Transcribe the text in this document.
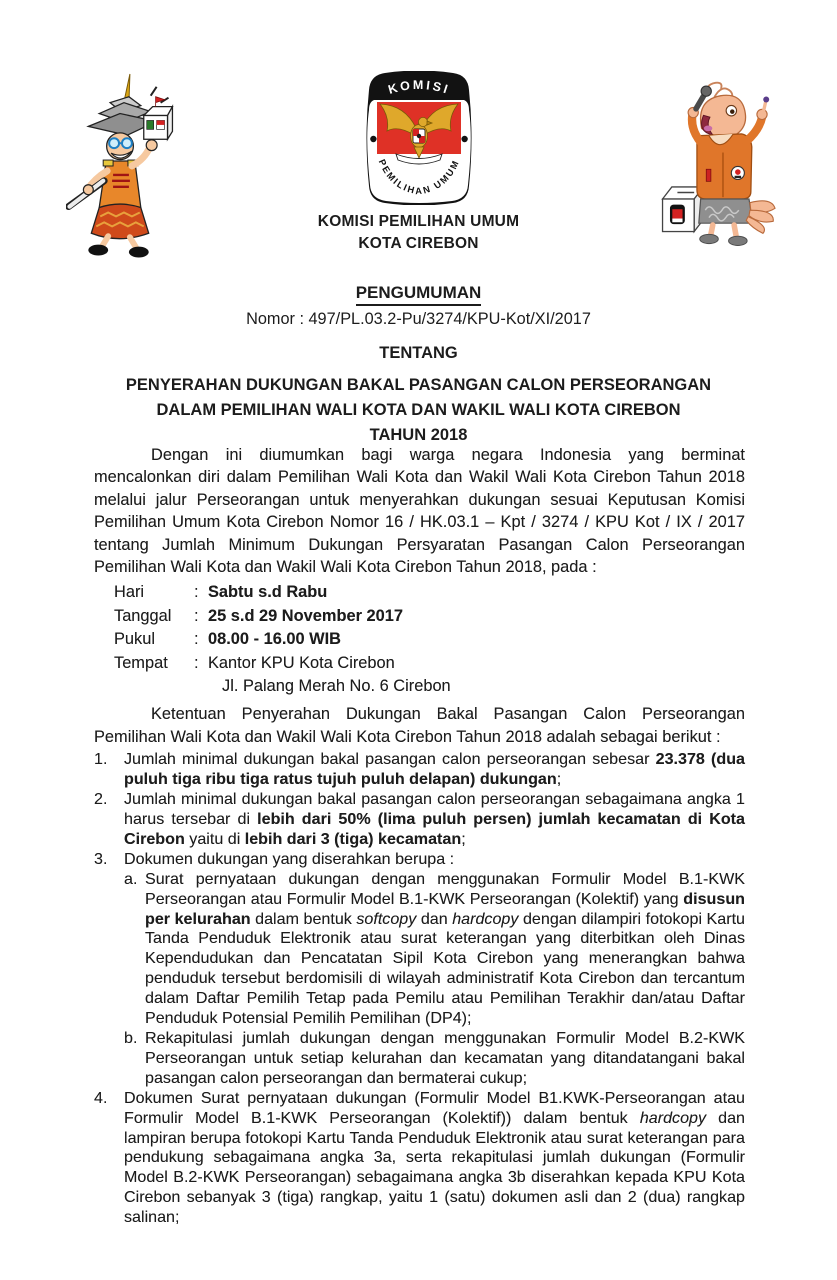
KOMISI
PEMILIHAN UMUM
KOMISI PEMILIHAN UMUM
KOTA CIREBON
PENGUMUMAN
Nomor : 497/PL.03.2-Pu/3274/KPU-Kot/XI/2017
TENTANG
PENYERAHAN DUKUNGAN BAKAL PASANGAN CALON PERSEORANGAN
DALAM PEMILIHAN WALI KOTA DAN WAKIL WALI KOTA CIREBON
TAHUN 2018

Dengan ini diumumkan bagi warga negara Indonesia yang berminat mencalonkan diri dalam Pemilihan Wali Kota dan Wakil Wali Kota Cirebon Tahun 2018 melalui jalur Perseorangan untuk menyerahkan dukungan sesuai Keputusan Komisi Pemilihan Umum Kota Cirebon Nomor 16 / HK.03.1 – Kpt / 3274 / KPU Kot / IX / 2017 tentang Jumlah Minimum Dukungan Persyaratan Pasangan Calon Perseorangan Pemilihan Wali Kota dan Wakil Wali Kota Cirebon Tahun 2018, pada :

Hari	: Sabtu s.d Rabu
Tanggal	: 25 s.d 29 November 2017
Pukul	: 08.00 - 16.00 WIB
Tempat	: Kantor KPU Kota Cirebon
Jl. Palang Merah No. 6 Cirebon

Ketentuan Penyerahan Dukungan Bakal Pasangan Calon Perseorangan Pemilihan Wali Kota dan Wakil Wali Kota Cirebon Tahun 2018 adalah sebagai berikut :

1.	Jumlah minimal dukungan bakal pasangan calon perseorangan sebesar 23.378 (dua puluh tiga ribu tiga ratus tujuh puluh delapan) dukungan;
2.	Jumlah minimal dukungan bakal pasangan calon perseorangan sebagaimana angka 1 harus tersebar di lebih dari 50% (lima puluh persen) jumlah kecamatan di Kota Cirebon yaitu di lebih dari 3 (tiga) kecamatan;
3.	Dokumen dukungan yang diserahkan berupa :
a. Surat pernyataan dukungan dengan menggunakan Formulir Model B.1-KWK Perseorangan atau Formulir Model B.1-KWK Perseorangan (Kolektif) yang disusun per kelurahan dalam bentuk softcopy dan hardcopy dengan dilampiri fotokopi Kartu Tanda Penduduk Elektronik atau surat keterangan yang diterbitkan oleh Dinas Kependudukan dan Pencatatan Sipil Kota Cirebon yang menerangkan bahwa penduduk tersebut berdomisili di wilayah administratif Kota Cirebon dan tercantum dalam Daftar Pemilih Tetap pada Pemilu atau Pemilihan Terakhir dan/atau Daftar Penduduk Potensial Pemilih Pemilihan (DP4);
b. Rekapitulasi jumlah dukungan dengan menggunakan Formulir Model B.2-KWK Perseorangan untuk setiap kelurahan dan kecamatan yang ditandatangani bakal pasangan calon perseorangan dan bermaterai cukup;
4.	Dokumen Surat pernyataan dukungan (Formulir Model B1.KWK-Perseorangan atau Formulir Model B.1-KWK Perseorangan (Kolektif)) dalam bentuk hardcopy dan lampiran berupa fotokopi Kartu Tanda Penduduk Elektronik atau surat keterangan para pendukung sebagaimana angka 3a, serta rekapitulasi jumlah dukungan (Formulir Model B.2-KWK Perseorangan) sebagaimana angka 3b diserahkan kepada KPU Kota Cirebon sebanyak 3 (tiga) rangkap, yaitu 1 (satu) dokumen asli dan 2 (dua) rangkap salinan;
